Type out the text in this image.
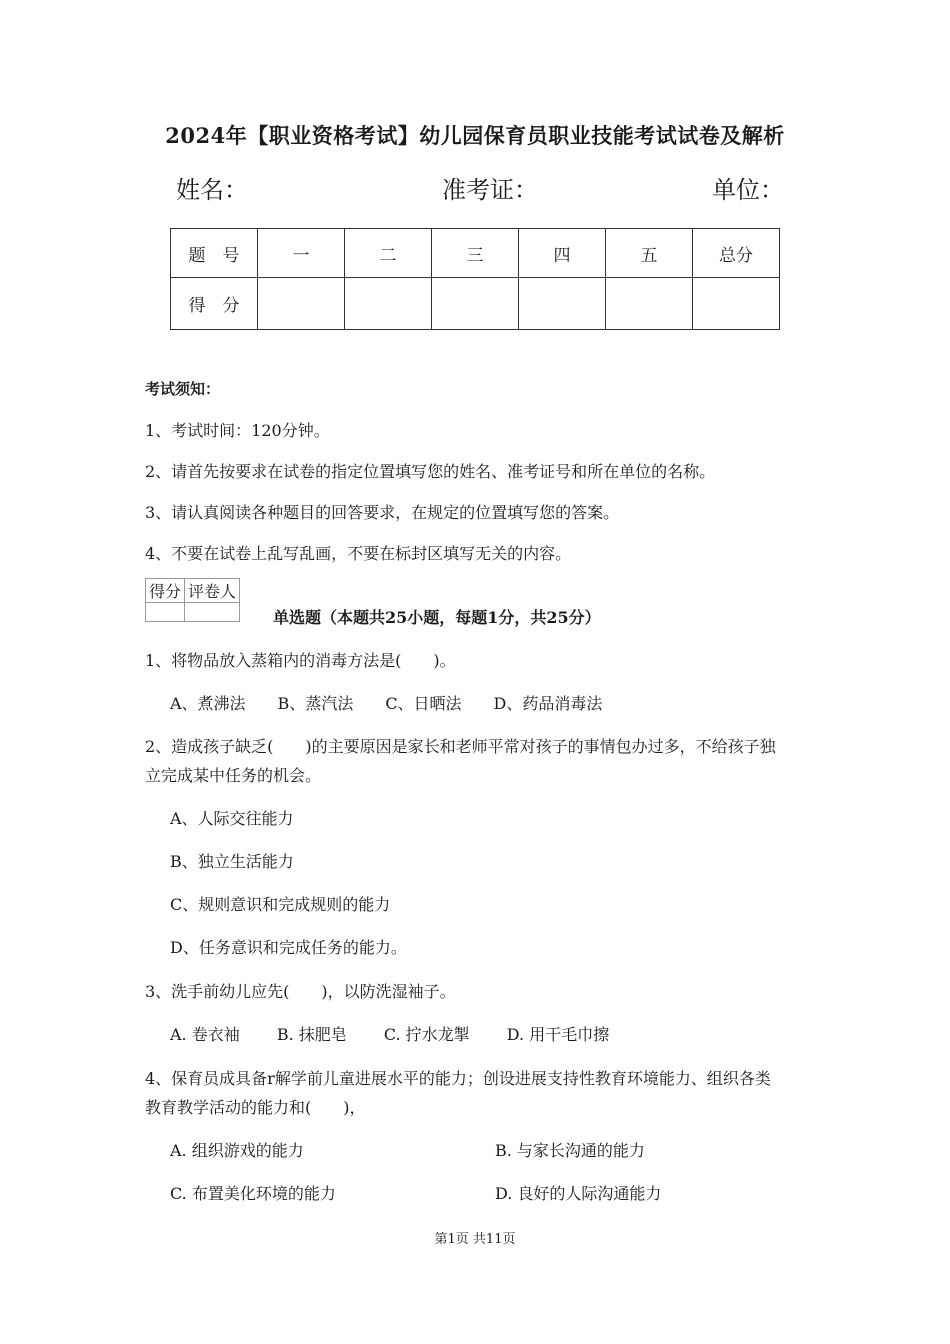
2024年【职业资格考试】幼儿园保育员职业技能考试试卷及解析
姓名：	准考证：	单位：
题　号	一	二	三	四	五	总分
得　分						
考试须知：
1、考试时间：120分钟。
2、请首先按要求在试卷的指定位置填写您的姓名、准考证号和所在单位的名称。
3、请认真阅读各种题目的回答要求，在规定的位置填写您的答案。
4、不要在试卷上乱写乱画，不要在标封区填写无关的内容。
得分	评卷人

单选题（本题共25小题，每题1分，共25分）
1、将物品放入蒸箱内的消毒方法是(　　)。
A、煮沸法　　B、蒸汽法　　C、日晒法　　D、药品消毒法
2、造成孩子缺乏(　　)的主要原因是家长和老师平常对孩子的事情包办过多，不给孩子独
立完成某中任务的机会。
A、人际交往能力
B、独立生活能力
C、规则意识和完成规则的能力
D、任务意识和完成任务的能力。
3、洗手前幼儿应先(　　)，以防洗湿袖子。
A. 卷衣袖　　 B. 抹肥皂　　 C. 拧水龙掣　　 D. 用干毛巾擦
4、保育员成具备r解学前儿童进展水平的能力；创设进展支持性教育环境能力、组织各类
教育教学活动的能力和(　　)，
A. 组织游戏的能力	B. 与家长沟通的能力
C. 布置美化环境的能力	D. 良好的人际沟通能力
第1页 共11页
